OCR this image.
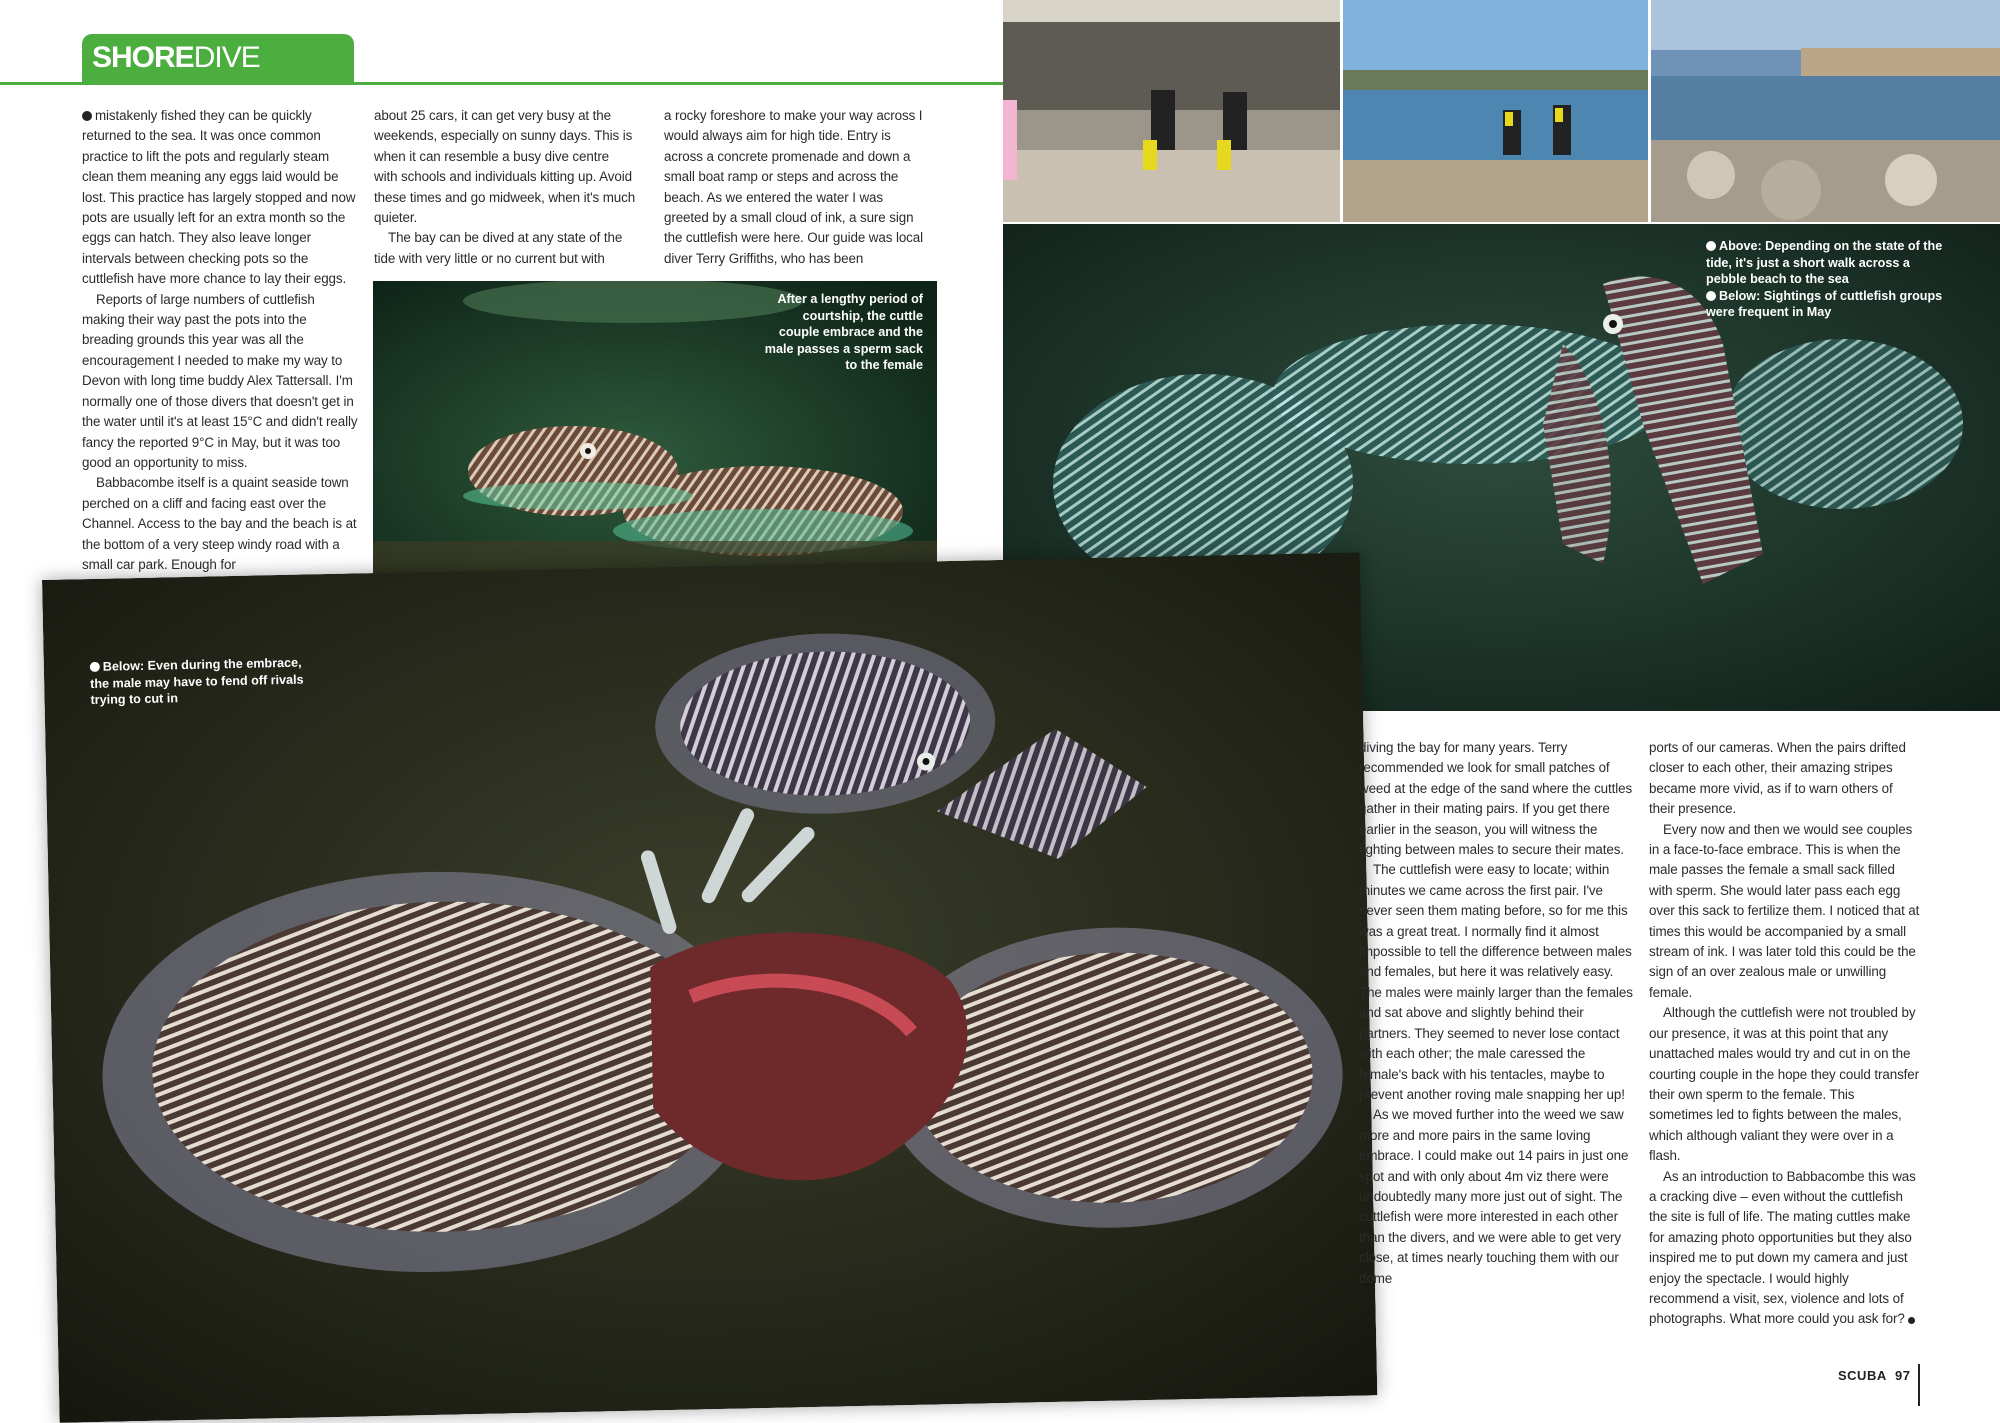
SHOREDIVE

mistakenly fished they can be quickly returned to the sea. It was once common practice to lift the pots and regularly steam clean them meaning any eggs laid would be lost. This practice has largely stopped and now pots are usually left for an extra month so the eggs can hatch. They also leave longer intervals between checking pots so the cuttlefish have more chance to lay their eggs.

Reports of large numbers of cuttlefish making their way past the pots into the breading grounds this year was all the encouragement I needed to make my way to Devon with long time buddy Alex Tattersall. I'm normally one of those divers that doesn't get in the water until it's at least 15°C and didn't really fancy the reported 9°C in May, but it was too good an opportunity to miss.

Babbacombe itself is a quaint seaside town perched on a cliff and facing east over the Channel. Access to the bay and the beach is at the bottom of a very steep windy road with a small car park. Enough for

about 25 cars, it can get very busy at the weekends, especially on sunny days. This is when it can resemble a busy dive centre with schools and individuals kitting up. Avoid these times and go midweek, when it's much quieter.

The bay can be dived at any state of the tide with very little or no current but with

a rocky foreshore to make your way across I would always aim for high tide. Entry is across a concrete promenade and down a small boat ramp or steps and across the beach. As we entered the water I was greeted by a small cloud of ink, a sure sign the cuttlefish were here. Our guide was local diver Terry Griffiths, who has been

After a lengthy period of courtship, the cuttle couple embrace and the male passes a sperm sack to the female
Above: Depending on the state of the tide, it's just a short walk across a pebble beach to the sea
Below: Sightings of cuttlefish groups were frequent in May
Below: Even during the embrace, the male may have to fend off rivals trying to cut in

diving the bay for many years. Terry recommended we look for small patches of weed at the edge of the sand where the cuttles gather in their mating pairs. If you get there earlier in the season, you will witness the fighting between males to secure their mates.

The cuttlefish were easy to locate; within minutes we came across the first pair. I've never seen them mating before, so for me this was a great treat. I normally find it almost impossible to tell the difference between males and females, but here it was relatively easy. The males were mainly larger than the females and sat above and slightly behind their partners. They seemed to never lose contact with each other; the male caressed the female's back with his tentacles, maybe to prevent another roving male snapping her up!

As we moved further into the weed we saw more and more pairs in the same loving embrace. I could make out 14 pairs in just one spot and with only about 4m viz there were undoubtedly many more just out of sight. The cuttlefish were more interested in each other than the divers, and we were able to get very close, at times nearly touching them with our dome

ports of our cameras. When the pairs drifted closer to each other, their amazing stripes became more vivid, as if to warn others of their presence.

Every now and then we would see couples in a face-to-face embrace. This is when the male passes the female a small sack filled with sperm. She would later pass each egg over this sack to fertilize them. I noticed that at times this would be accompanied by a small stream of ink. I was later told this could be the sign of an over zealous male or unwilling female.

Although the cuttlefish were not troubled by our presence, it was at this point that any unattached males would try and cut in on the courting couple in the hope they could transfer their own sperm to the female. This sometimes led to fights between the males, which although valiant they were over in a flash.

As an introduction to Babbacombe this was a cracking dive – even without the cuttlefish the site is full of life. The mating cuttles make for amazing photo opportunities but they also inspired me to put down my camera and just enjoy the spectacle. I would highly recommend a visit, sex, violence and lots of photographs. What more could you ask for?

SCUBA 97
